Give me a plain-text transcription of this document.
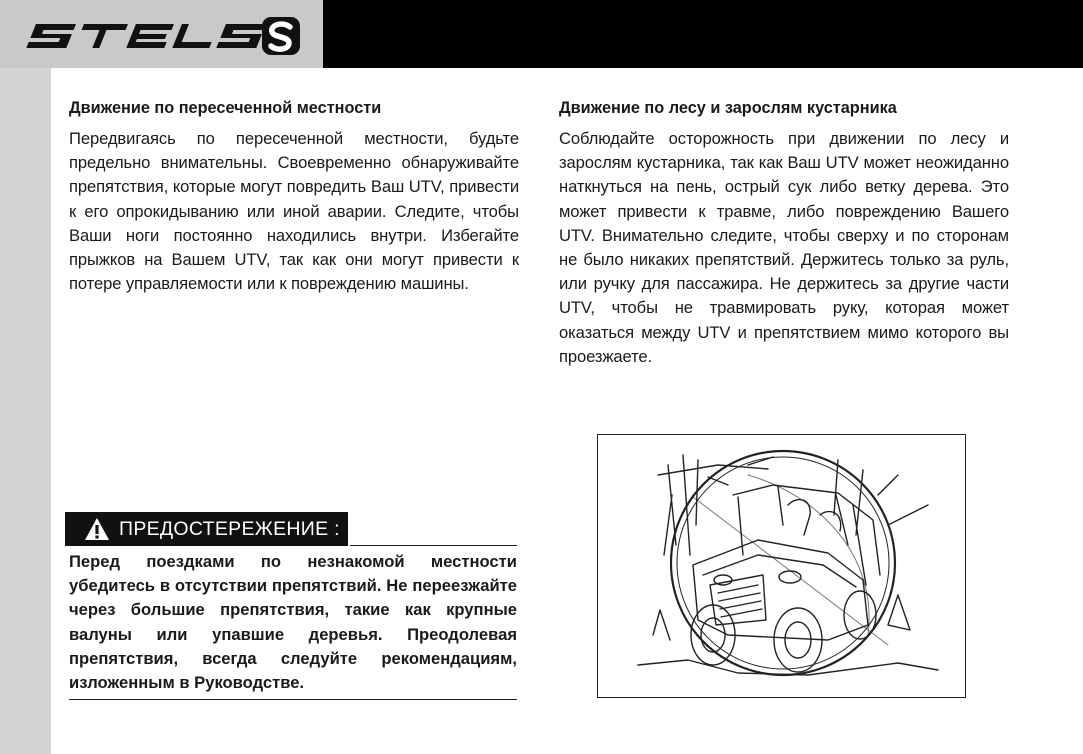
Движение по пересеченной местности

Передвигаясь по пересеченной местности, будьте предельно внимательны. Своевременно обнаруживайте препятствия, которые могут повредить Ваш UTV, привести к его опрокидыванию или иной аварии. Следите, чтобы Ваши ноги постоянно находились внутри. Избегайте прыжков на Вашем UTV, так как они могут привести к потере управляемости или к повреждению машины.

Движение по лесу и зарослям кустарника

Соблюдайте осторожность при движении по лесу и зарослям кустарника, так как Ваш UTV может неожиданно наткнуться на пень, острый сук либо ветку дерева. Это может привести к травме, либо повреждению Вашего UTV. Внимательно следите, чтобы сверху и по сторонам не было никаких препятствий. Держитесь только за руль, или ручку для пассажира. Не держитесь за другие части UTV, чтобы не травмировать руку, которая может оказаться между UTV и препятствием мимо которого вы проезжаете.

ПРЕДОСТЕРЕЖЕНИЕ :

Перед поездками по незнакомой местности убедитесь в отсутствии препятствий. Не переезжайте через большие препятствия, такие как крупные валуны или упавшие деревья. Преодолевая препятствия, всегда следуйте рекомендациям, изложенным в Руководстве.
